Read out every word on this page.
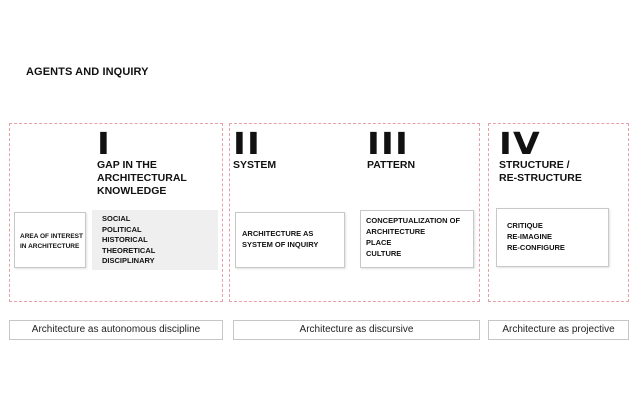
AGENTS AND INQUIRY
I
GAP IN THE
ARCHITECTURAL
KNOWLEDGE
AREA OF INTEREST
IN ARCHITECTURE
SOCIAL
POLITICAL
HISTORICAL
THEORETICAL
DISCIPLINARY
II
SYSTEM
ARCHITECTURE AS
SYSTEM OF INQUIRY
III
PATTERN
CONCEPTUALIZATION OF
ARCHITECTURE
PLACE
CULTURE
IV
STRUCTURE /
RE-STRUCTURE
CRITIQUE
RE-IMAGINE
RE-CONFIGURE
Architecture as autonomous discipline	Architecture as discursive	Architecture as projective
